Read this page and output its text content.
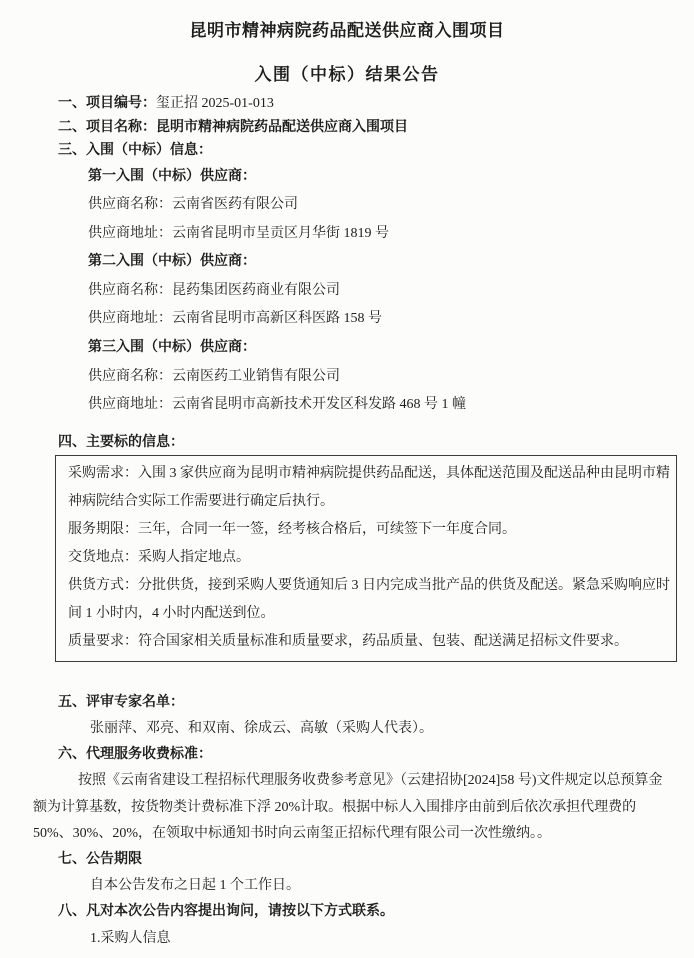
昆明市精神病院药品配送供应商入围项目

入围（中标）结果公告

一、项目编号：玺正招 2025-01-013

二、项目名称：昆明市精神病院药品配送供应商入围项目

三、入围（中标）信息：

第一入围（中标）供应商：

供应商名称：云南省医药有限公司

供应商地址：云南省昆明市呈贡区月华街 1819 号

第二入围（中标）供应商：

供应商名称：昆药集团医药商业有限公司

供应商地址：云南省昆明市高新区科医路 158 号

第三入围（中标）供应商：

供应商名称：云南医药工业销售有限公司

供应商地址：云南省昆明市高新技术开发区科发路 468 号 1 幢

四、主要标的信息：

采购需求：入围 3 家供应商为昆明市精神病院提供药品配送，具体配送范围及配送品种由昆明市精神病院结合实际工作需要进行确定后执行。

服务期限：三年，合同一年一签，经考核合格后，可续签下一年度合同。

交货地点：采购人指定地点。

供货方式：分批供货，接到采购人要货通知后 3 日内完成当批产品的供货及配送。紧急采购响应时间 1 小时内，4 小时内配送到位。

质量要求：符合国家相关质量标准和质量要求，药品质量、包装、配送满足招标文件要求。

五、评审专家名单：

张丽萍、邓亮、和双南、徐成云、高敏（采购人代表）。

六、代理服务收费标准：

按照《云南省建设工程招标代理服务收费参考意见》（云建招协[2024]58 号)文件规定以总预算金额为计算基数，按货物类计费标准下浮 20%计取。根据中标人入围排序由前到后依次承担代理费的50%、30%、20%，在领取中标通知书时向云南玺正招标代理有限公司一次性缴纳。。

七、公告期限

自本公告发布之日起 1 个工作日。

八、凡对本次公告内容提出询问，请按以下方式联系。

1.采购人信息
